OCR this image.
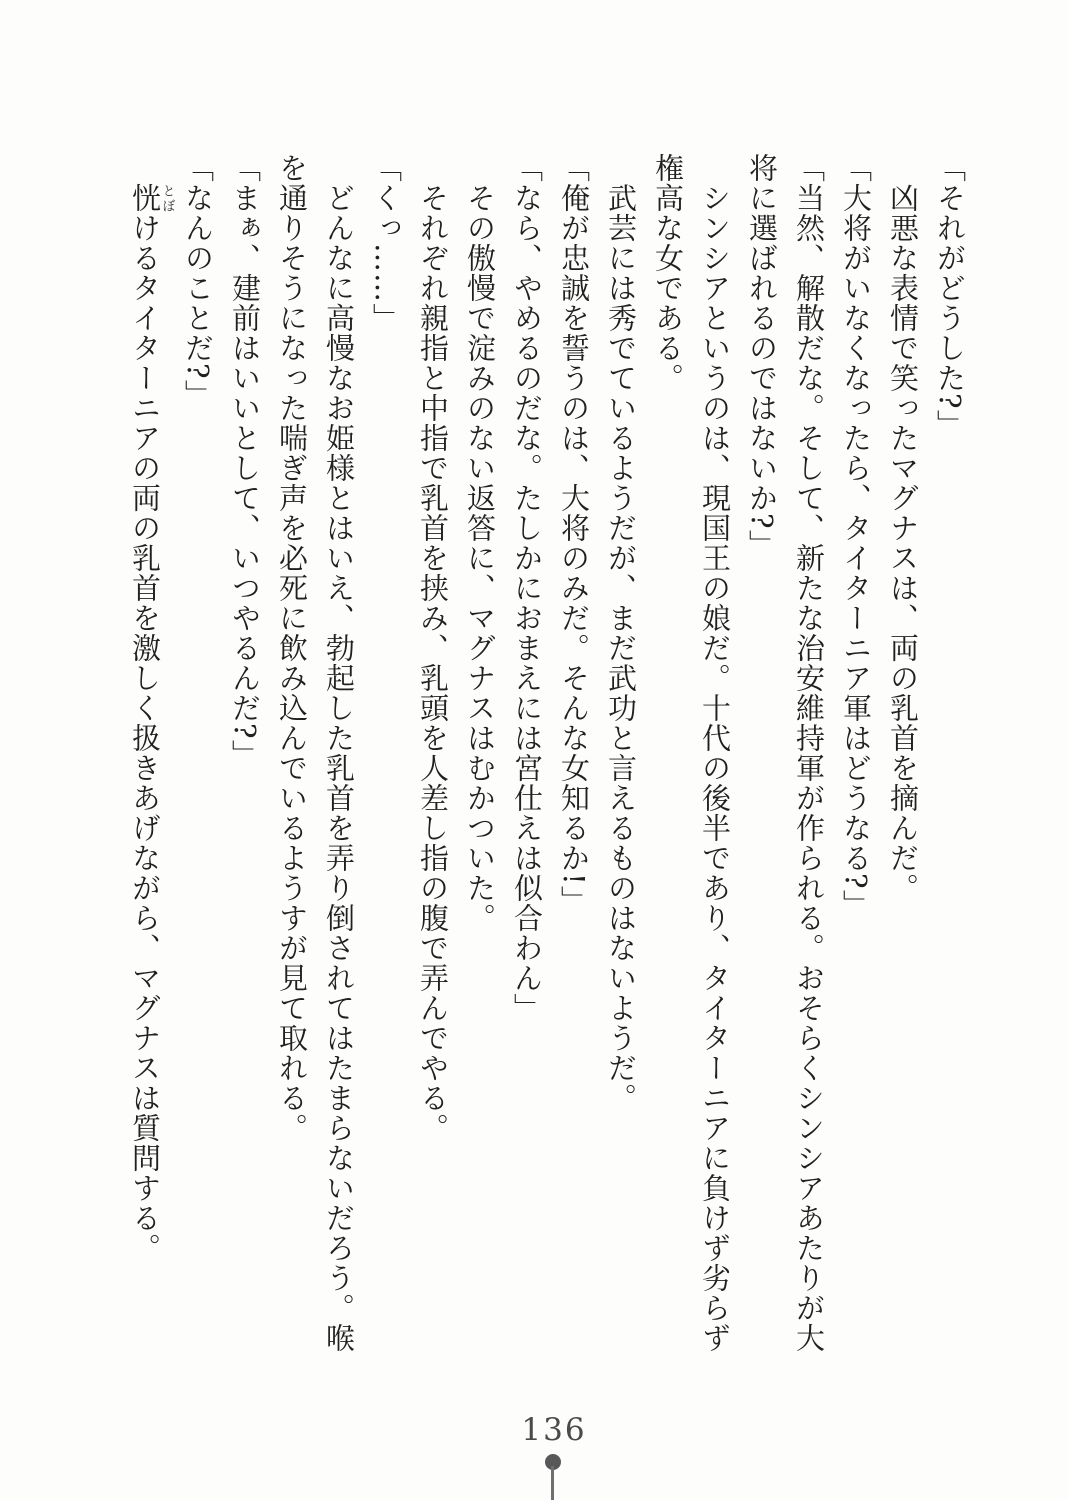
「それがどうした?」
　凶悪な表情で笑ったマグナスは、両の乳首を摘んだ。
「大将がいなくなったら、タイターニア軍はどうなる?」
「当然、解散だな。そして、新たな治安維持軍が作られる。おそらくシンシアあたりが大
将に選ばれるのではないか?」
　シンシアというのは、現国王の娘だ。十代の後半であり、タイターニアに負けず劣らず
権高な女である。
　武芸には秀でているようだが、まだ武功と言えるものはないようだ。
「俺が忠誠を誓うのは、大将のみだ。そんな女知るか!」
「なら、やめるのだな。たしかにおまえには宮仕えは似合わん」
　その傲慢で淀みのない返答に、マグナスはむかついた。
　それぞれ親指と中指で乳首を挟み、乳頭を人差し指の腹で弄んでやる。
「くっ……」
　どんなに高慢なお姫様とはいえ、勃起した乳首を弄り倒されてはたまらないだろう。喉
を通りそうになった喘ぎ声を必死に飲み込んでいるようすが見て取れる。
「まぁ、建前はいいとして、いつやるんだ?」
「なんのことだ?」
　恍とぼけるタイターニアの両の乳首を激しく扱きあげながら、マグナスは質問する。
136
